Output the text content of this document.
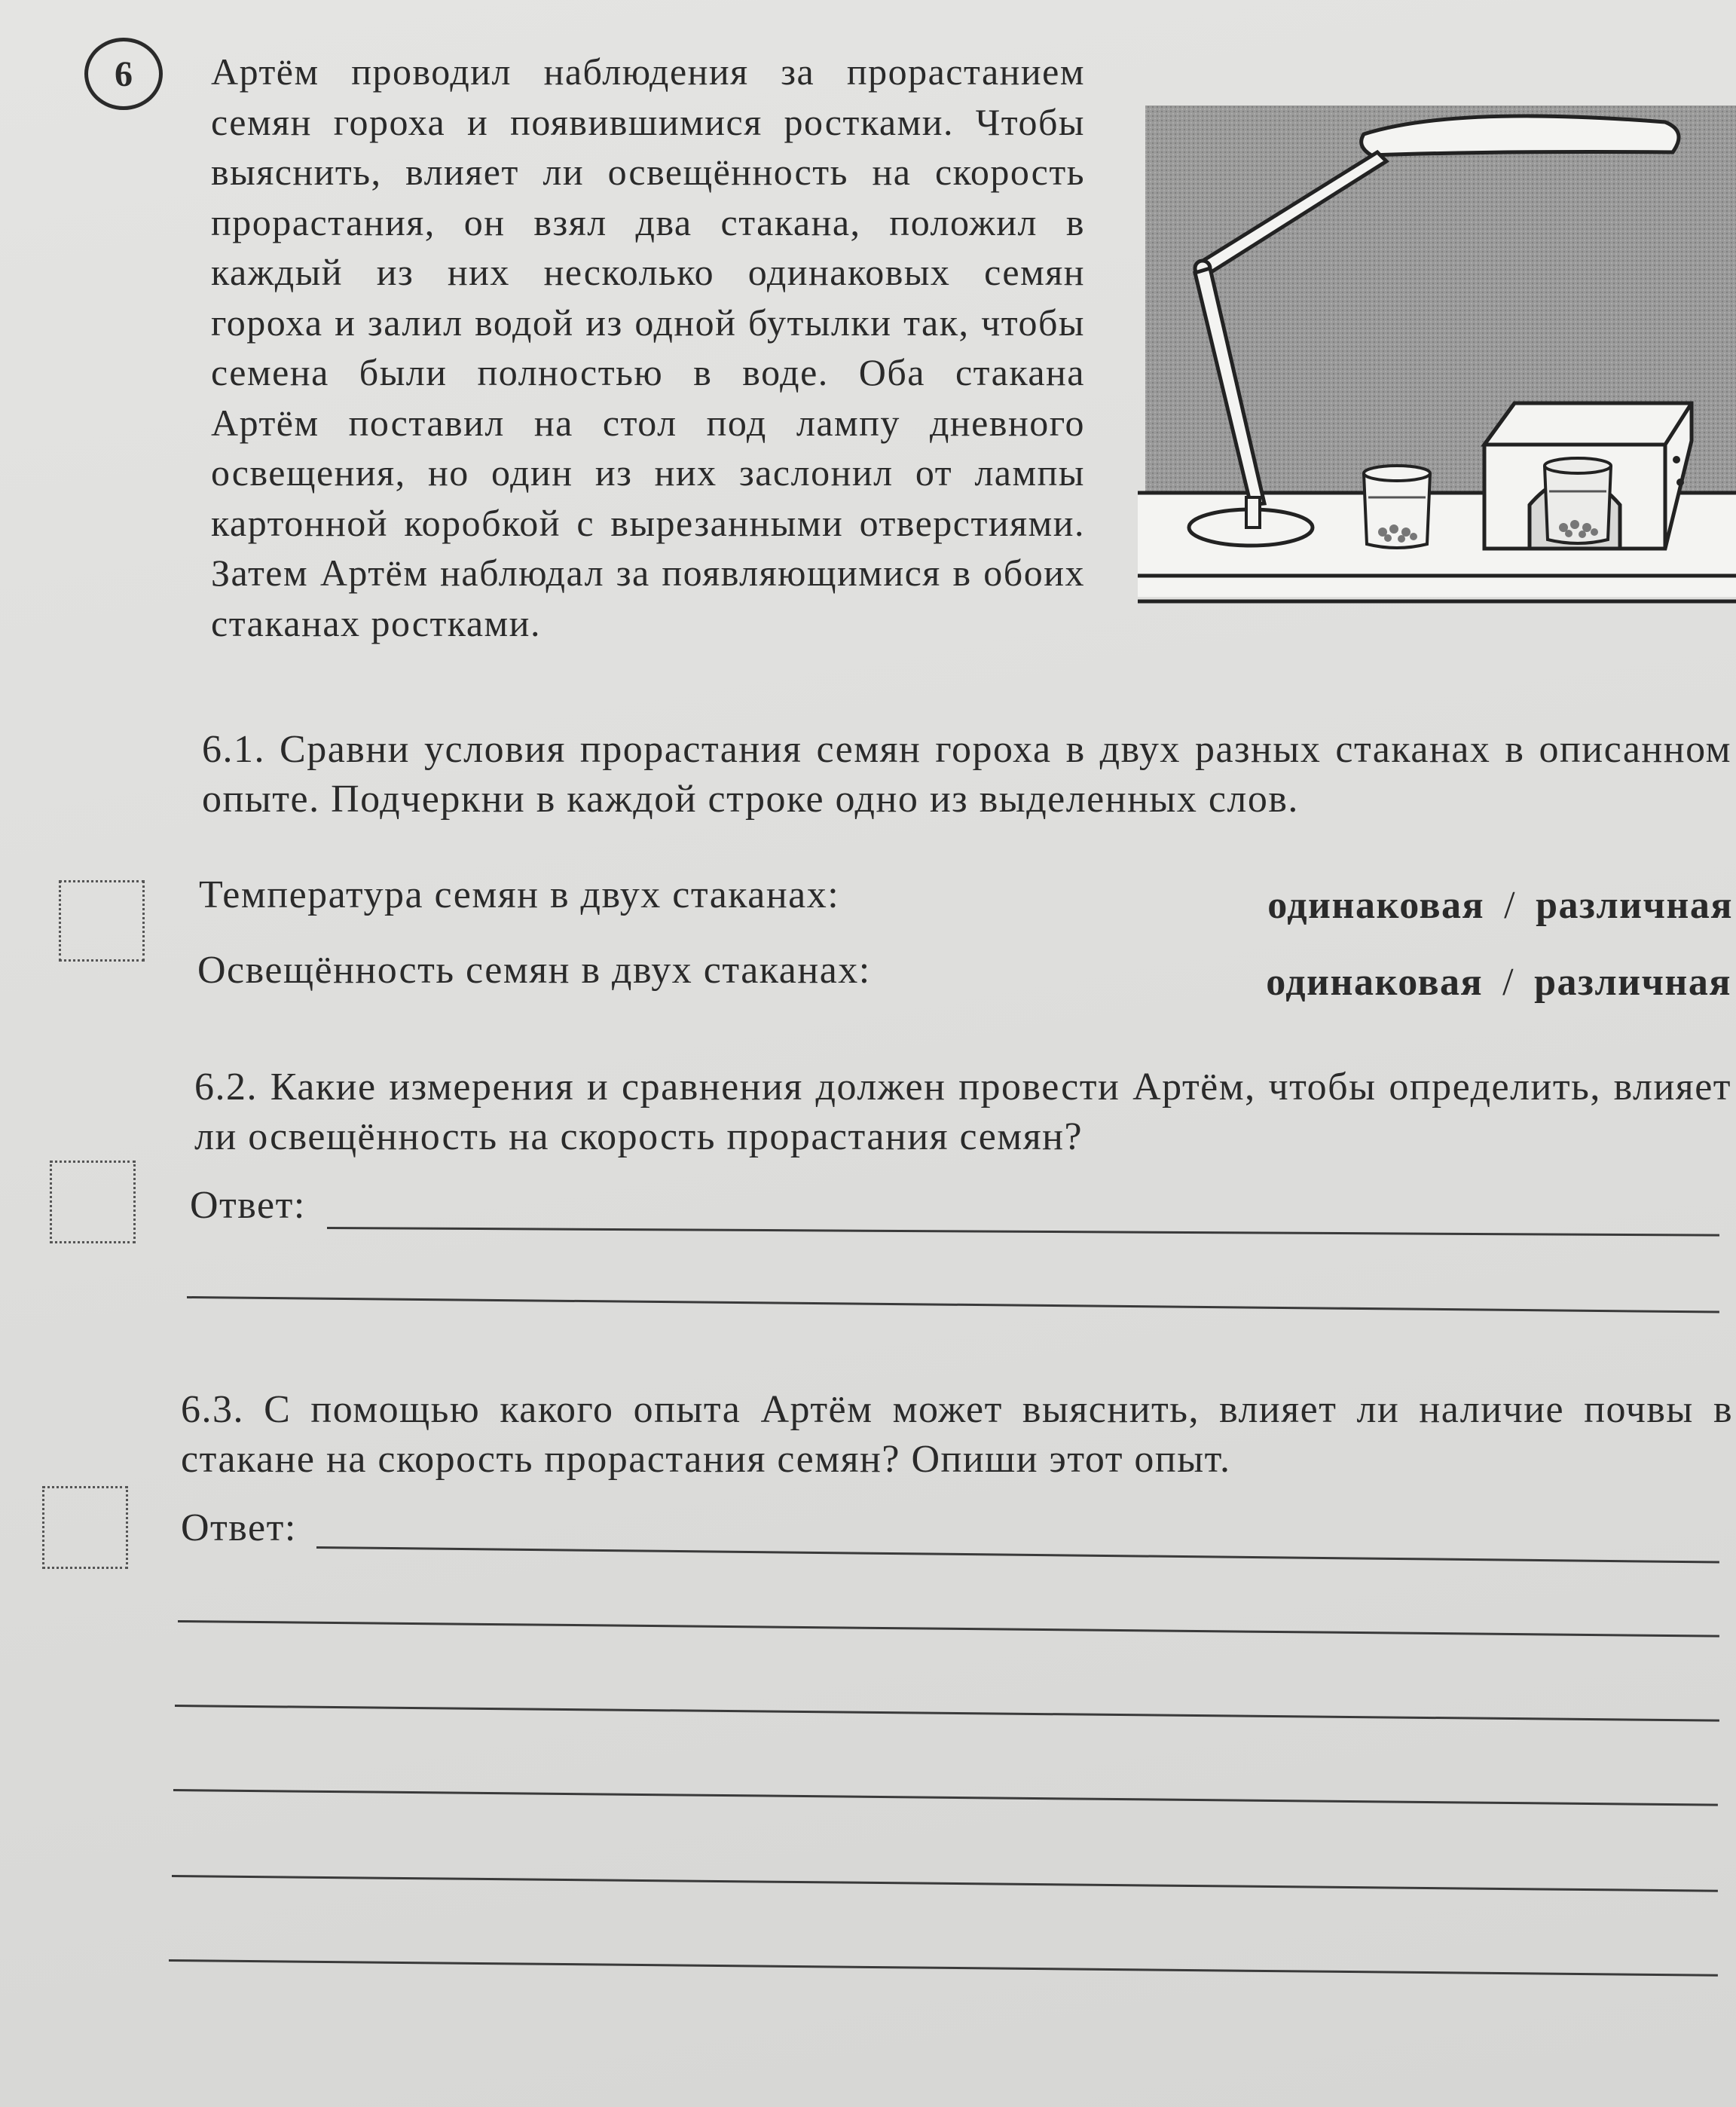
6 Артём проводил наблюдения за прорастанием семян гороха и появившимися ростками. Чтобы выяснить, влияет ли освещённость на скорость прорастания, он взял два стакана, положил в каждый из них несколько одинаковых семян гороха и залил водой из одной бутылки так, чтобы семена были полностью в воде. Оба стакана Артём поставил на стол под лампу дневного освещения, но один из них заслонил от лампы картонной коробкой с вырезанными отверстиями. Затем Артём наблюдал за появляющимися в обоих стаканах ростками.
6.1. Сравни условия прорастания семян гороха в двух разных стаканах в описанном опыте. Подчеркни в каждой строке одно из выделенных слов.
Температура семян в двух стаканах:	одинаковая / различная
Освещённость семян в двух стаканах:	одинаковая / различная
6.2. Какие измерения и сравнения должен провести Артём, чтобы определить, влияет ли освещённость на скорость прорастания семян?
Ответ:
6.3. С помощью какого опыта Артём может выяснить, влияет ли наличие почвы в стакане на скорость прорастания семян? Опиши этот опыт.
Ответ:
